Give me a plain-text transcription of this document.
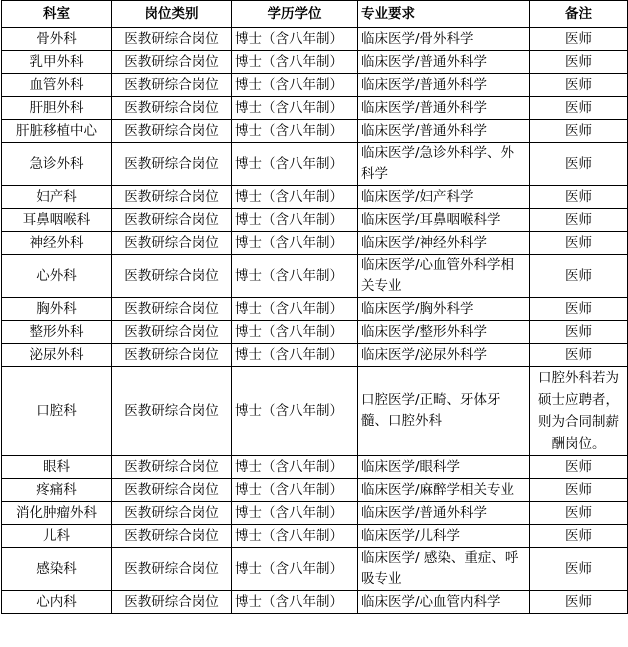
科室	岗位类别	学历学位	专业要求	备注
骨外科	医教研综合岗位	博士（含八年制）	临床医学/骨外科学	医师
乳甲外科	医教研综合岗位	博士（含八年制）	临床医学/普通外科学	医师
血管外科	医教研综合岗位	博士（含八年制）	临床医学/普通外科学	医师
肝胆外科	医教研综合岗位	博士（含八年制）	临床医学/普通外科学	医师
肝脏移植中心	医教研综合岗位	博士（含八年制）	临床医学/普通外科学	医师
急诊外科	医教研综合岗位	博士（含八年制）	临床医学/急诊外科学、外科学	医师
妇产科	医教研综合岗位	博士（含八年制）	临床医学/妇产科学	医师
耳鼻咽喉科	医教研综合岗位	博士（含八年制）	临床医学/耳鼻咽喉科学	医师
神经外科	医教研综合岗位	博士（含八年制）	临床医学/神经外科学	医师
心外科	医教研综合岗位	博士（含八年制）	临床医学/心血管外科学相关专业	医师
胸外科	医教研综合岗位	博士（含八年制）	临床医学/胸外科学	医师
整形外科	医教研综合岗位	博士（含八年制）	临床医学/整形外科学	医师
泌尿外科	医教研综合岗位	博士（含八年制）	临床医学/泌尿外科学	医师
口腔科	医教研综合岗位	博士（含八年制）	口腔医学/正畸、牙体牙髓、口腔外科	口腔外科若为硕士应聘者，则为合同制薪酬岗位。
眼科	医教研综合岗位	博士（含八年制）	临床医学/眼科学	医师
疼痛科	医教研综合岗位	博士（含八年制）	临床医学/麻醉学相关专业	医师
消化肿瘤外科	医教研综合岗位	博士（含八年制）	临床医学/普通外科学	医师
儿科	医教研综合岗位	博士（含八年制）	临床医学/儿科学	医师
感染科	医教研综合岗位	博士（含八年制）	临床医学/ 感染、重症、呼吸专业	医师
心内科	医教研综合岗位	博士（含八年制）	临床医学/心血管内科学	医师
